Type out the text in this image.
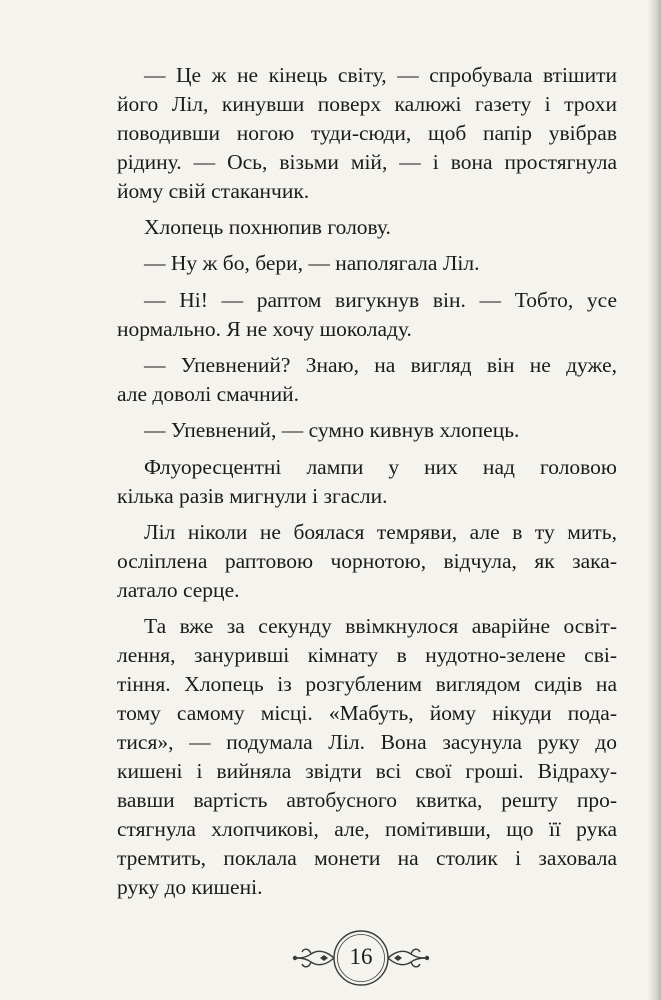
— Це ж не кінець світу, — спробувала втішити
його Ліл, кинувши поверх калюжі газету і трохи
поводивши ногою туди-сюди, щоб папір увібрав
рідину. — Ось, візьми мій, — і вона простягнула
йому свій стаканчик.
Хлопець похнюпив голову.
— Ну ж бо, бери, — наполягала Ліл.
— Ні! — раптом вигукнув він. — Тобто, усе
нормально. Я не хочу шоколаду.
— Упевнений? Знаю, на вигляд він не дуже,
але доволі смачний.
— Упевнений, — сумно кивнув хлопець.
Флуоресцентні лампи у них над головою
кілька разів мигнули і згасли.
Ліл ніколи не боялася темряви, але в ту мить,
осліплена раптовою чорнотою, відчула, як зака-
латало серце.
Та вже за секунду ввімкнулося аварійне освіт-
лення, занурившi кімнату в нудотно-зелене сві-
тіння. Хлопець із розгубленим виглядом сидів на
тому самому місці. «Мабуть, йому нікуди пода-
тися», — подумала Ліл. Вона засунула руку до
кишені і вийняла звідти всі свої гроші. Відраху-
вавши вартість автобусного квитка, решту про-
стягнула хлопчикові, але, помітивши, що її рука
тремтить, поклала монети на столик і заховала
руку до кишені.
16
